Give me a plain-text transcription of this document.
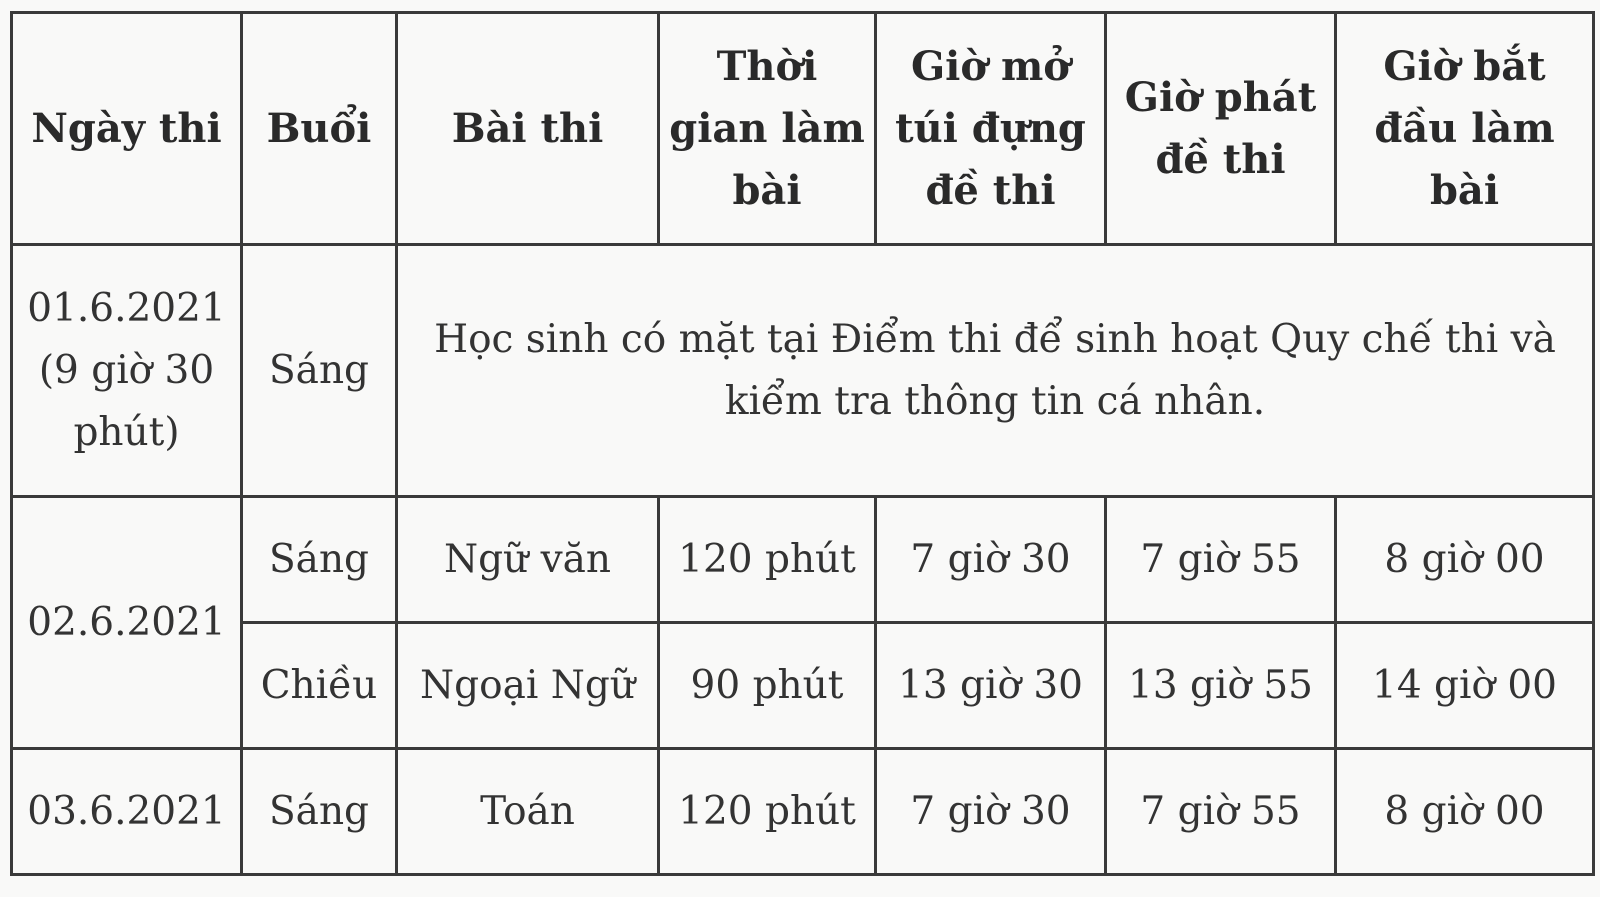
Ngày thi	Buổi	Bài thi	Thời
gian làm
bài	Giờ mở
túi đựng
đề thi	Giờ phát
đề thi	Giờ bắt
đầu làm
bài
01.6.2021
(9 giờ 30
phút)	Sáng	Học sinh có mặt tại Điểm thi để sinh hoạt Quy chế thi và
kiểm tra thông tin cá nhân.				
02.6.2021	Sáng	Ngữ văn	120 phút	7 giờ 30	7 giờ 55	8 giờ 00
	Chiều	Ngoại Ngữ	90 phút	13 giờ 30	13 giờ 55	14 giờ 00
03.6.2021	Sáng	Toán	120 phút	7 giờ 30	7 giờ 55	8 giờ 00
